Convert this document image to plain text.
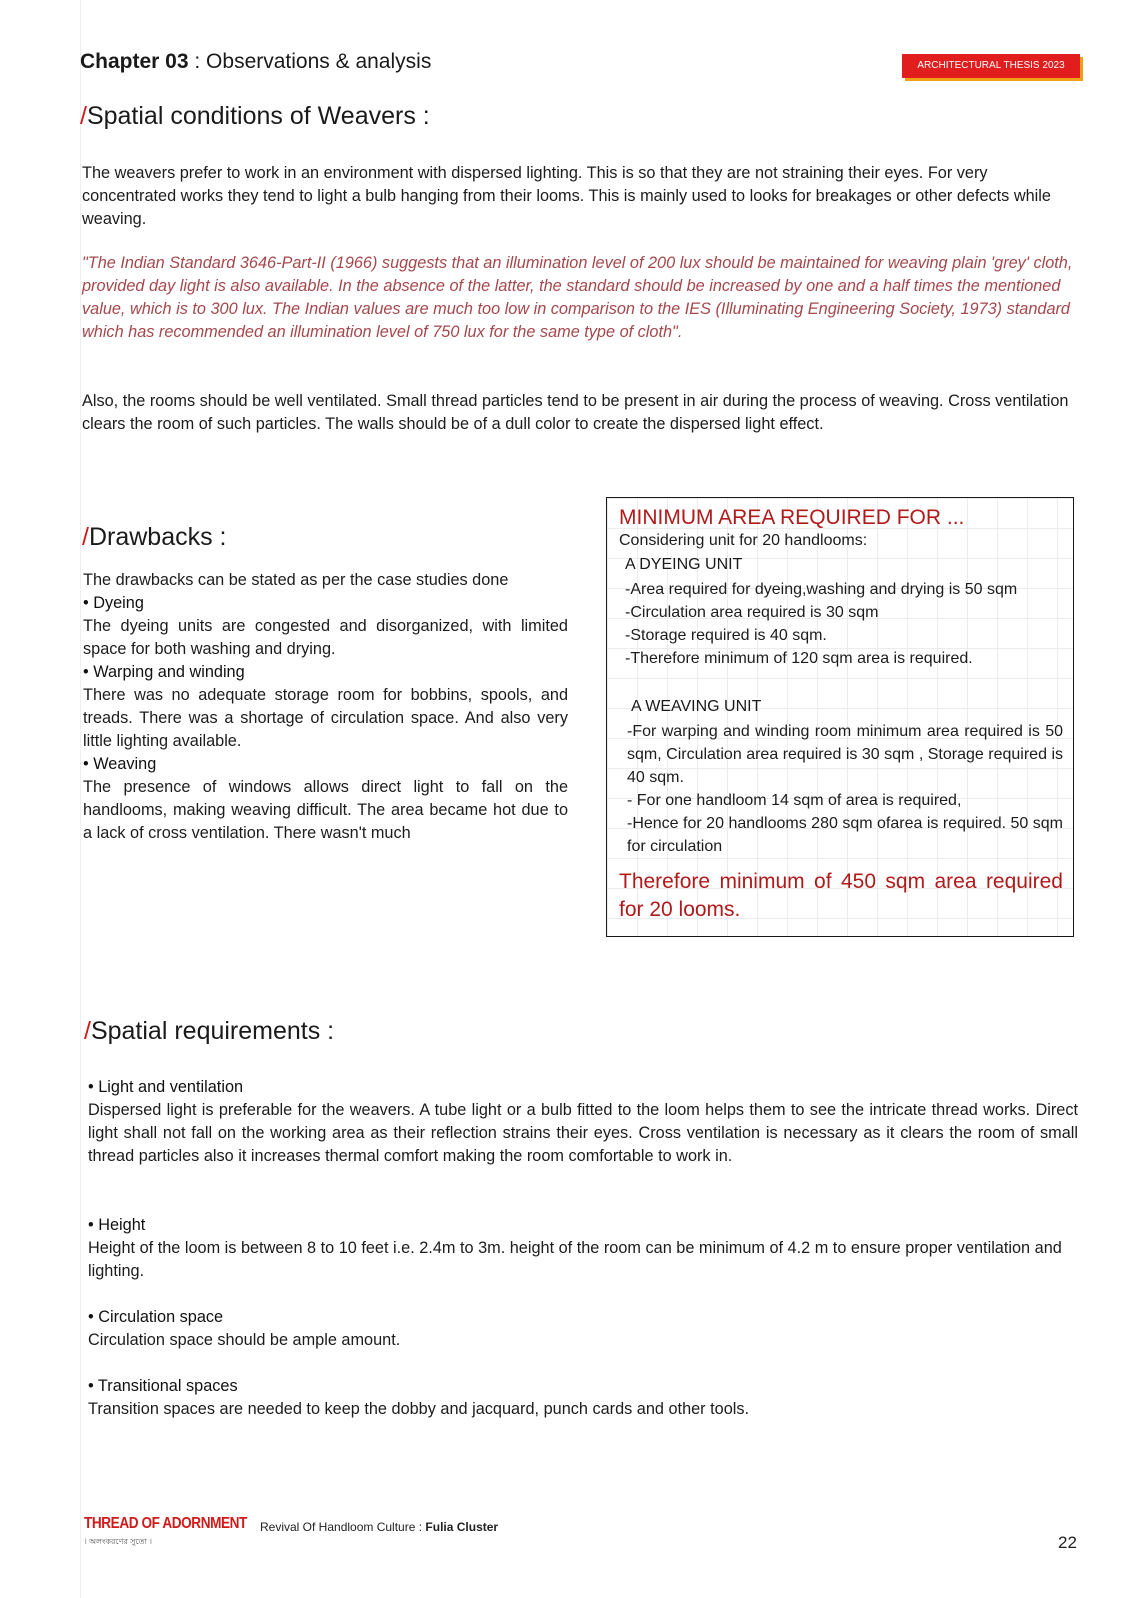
Chapter 03 : Observations & analysis	ARCHITECTURAL THESIS 2023
/Spatial conditions of Weavers :
The weavers prefer to work in an environment with dispersed lighting. This is so that they are not straining their eyes. For very concentrated works they tend to light a bulb hanging from their looms. This is mainly used to looks for breakages or other defects while weaving.
"The Indian Standard 3646-Part-II (1966) suggests that an illumination level of 200 lux should be maintained for weaving plain 'grey' cloth, provided day light is also available. In the absence of the latter, the standard should be increased by one and a half times the mentioned value, which is to 300 lux. The Indian values are much too low in comparison to the IES (Illuminating Engineering Society, 1973) standard which has recommended an illumination level of 750 lux for the same type of cloth".
Also, the rooms should be well ventilated. Small thread particles tend to be present in air during the process of weaving. Cross ventilation clears the room of such particles. The walls should be of a dull color to create the dispersed light effect.
/Drawbacks :
The drawbacks can be stated as per the case studies done
• Dyeing
The dyeing units are congested and disorganized, with limited space for both washing and drying.
• Warping and winding
There was no adequate storage room for bobbins, spools, and treads. There was a shortage of circulation space. And also very little lighting available.
• Weaving
The presence of windows allows direct light to fall on the handlooms, making weaving difficult. The area became hot due to a lack of cross ventilation. There wasn't much
MINIMUM AREA REQUIRED FOR ...
Considering unit for 20 handlooms:
A DYEING UNIT
-Area required for dyeing,washing and drying is 50 sqm
-Circulation area required is 30 sqm
-Storage required is 40 sqm.
-Therefore minimum of 120 sqm area is required.
A WEAVING UNIT
-For warping and winding room minimum area required is 50 sqm, Circulation area required is 30 sqm , Storage required is 40 sqm.
- For one handloom 14 sqm of area is required,
-Hence for 20 handlooms 280 sqm ofarea is required. 50 sqm for circulation
Therefore minimum of 450 sqm area required for 20 looms.
/Spatial requirements :
• Light and ventilation
Dispersed light is preferable for the weavers. A tube light or a bulb fitted to the loom helps them to see the intricate thread works. Direct light shall not fall on the working area as their reflection strains their eyes. Cross ventilation is necessary as it clears the room of small thread particles also it increases thermal comfort making the room comfortable to work in.
• Height
Height of the loom is between 8 to 10 feet i.e. 2.4m to 3m. height of the room can be minimum of 4.2 m to ensure proper ventilation and lighting.
• Circulation space
Circulation space should be ample amount.
• Transitional spaces
Transition spaces are needed to keep the dobby and jacquard, punch cards and other tools.
THREAD OF ADORNMENT
। অলংকরণের সুতো ।
Revival Of Handloom Culture : Fulia Cluster
22
